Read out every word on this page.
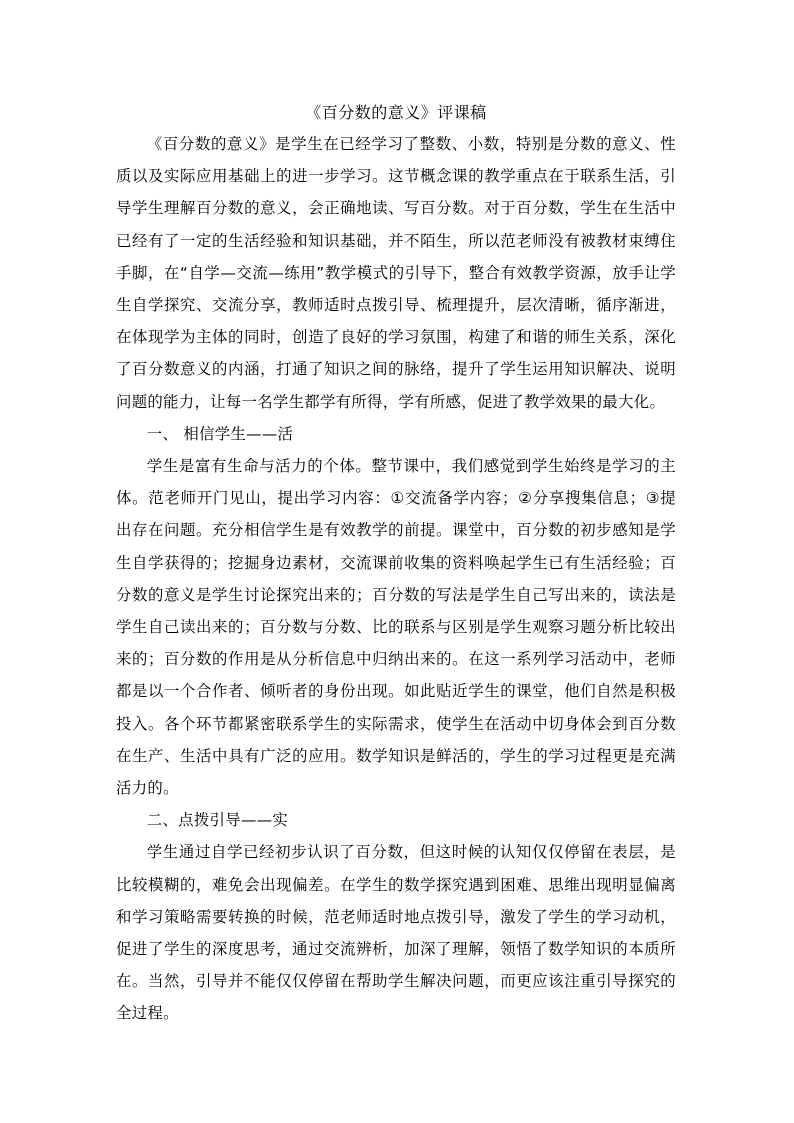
《百分数的意义》评课稿

《百分数的意义》是学生在已经学习了整数、小数，特别是分数的意义、性质以及实际应用基础上的进一步学习。这节概念课的教学重点在于联系生活，引导学生理解百分数的意义，会正确地读、写百分数。对于百分数，学生在生活中已经有了一定的生活经验和知识基础，并不陌生，所以范老师没有被教材束缚住手脚，在“自学—交流—练用”教学模式的引导下，整合有效教学资源，放手让学生自学探究、交流分享，教师适时点拨引导、梳理提升，层次清晰，循序渐进，在体现学为主体的同时，创造了良好的学习氛围，构建了和谐的师生关系，深化了百分数意义的内涵，打通了知识之间的脉络，提升了学生运用知识解决、说明问题的能力，让每一名学生都学有所得，学有所感，促进了教学效果的最大化。

一、 相信学生——活

学生是富有生命与活力的个体。整节课中，我们感觉到学生始终是学习的主体。范老师开门见山，提出学习内容：①交流备学内容；②分享搜集信息；③提出存在问题。充分相信学生是有效教学的前提。课堂中，百分数的初步感知是学生自学获得的；挖掘身边素材，交流课前收集的资料唤起学生已有生活经验；百分数的意义是学生讨论探究出来的；百分数的写法是学生自己写出来的，读法是学生自己读出来的；百分数与分数、比的联系与区别是学生观察习题分析比较出来的；百分数的作用是从分析信息中归纳出来的。在这一系列学习活动中，老师都是以一个合作者、倾听者的身份出现。如此贴近学生的课堂，他们自然是积极投入。各个环节都紧密联系学生的实际需求，使学生在活动中切身体会到百分数在生产、生活中具有广泛的应用。数学知识是鲜活的，学生的学习过程更是充满活力的。

二、点拨引导——实

学生通过自学已经初步认识了百分数，但这时候的认知仅仅停留在表层，是比较模糊的，难免会出现偏差。在学生的数学探究遇到困难、思维出现明显偏离和学习策略需要转换的时候，范老师适时地点拨引导，激发了学生的学习动机，促进了学生的深度思考，通过交流辨析，加深了理解，领悟了数学知识的本质所在。当然，引导并不能仅仅停留在帮助学生解决问题，而更应该注重引导探究的全过程。
